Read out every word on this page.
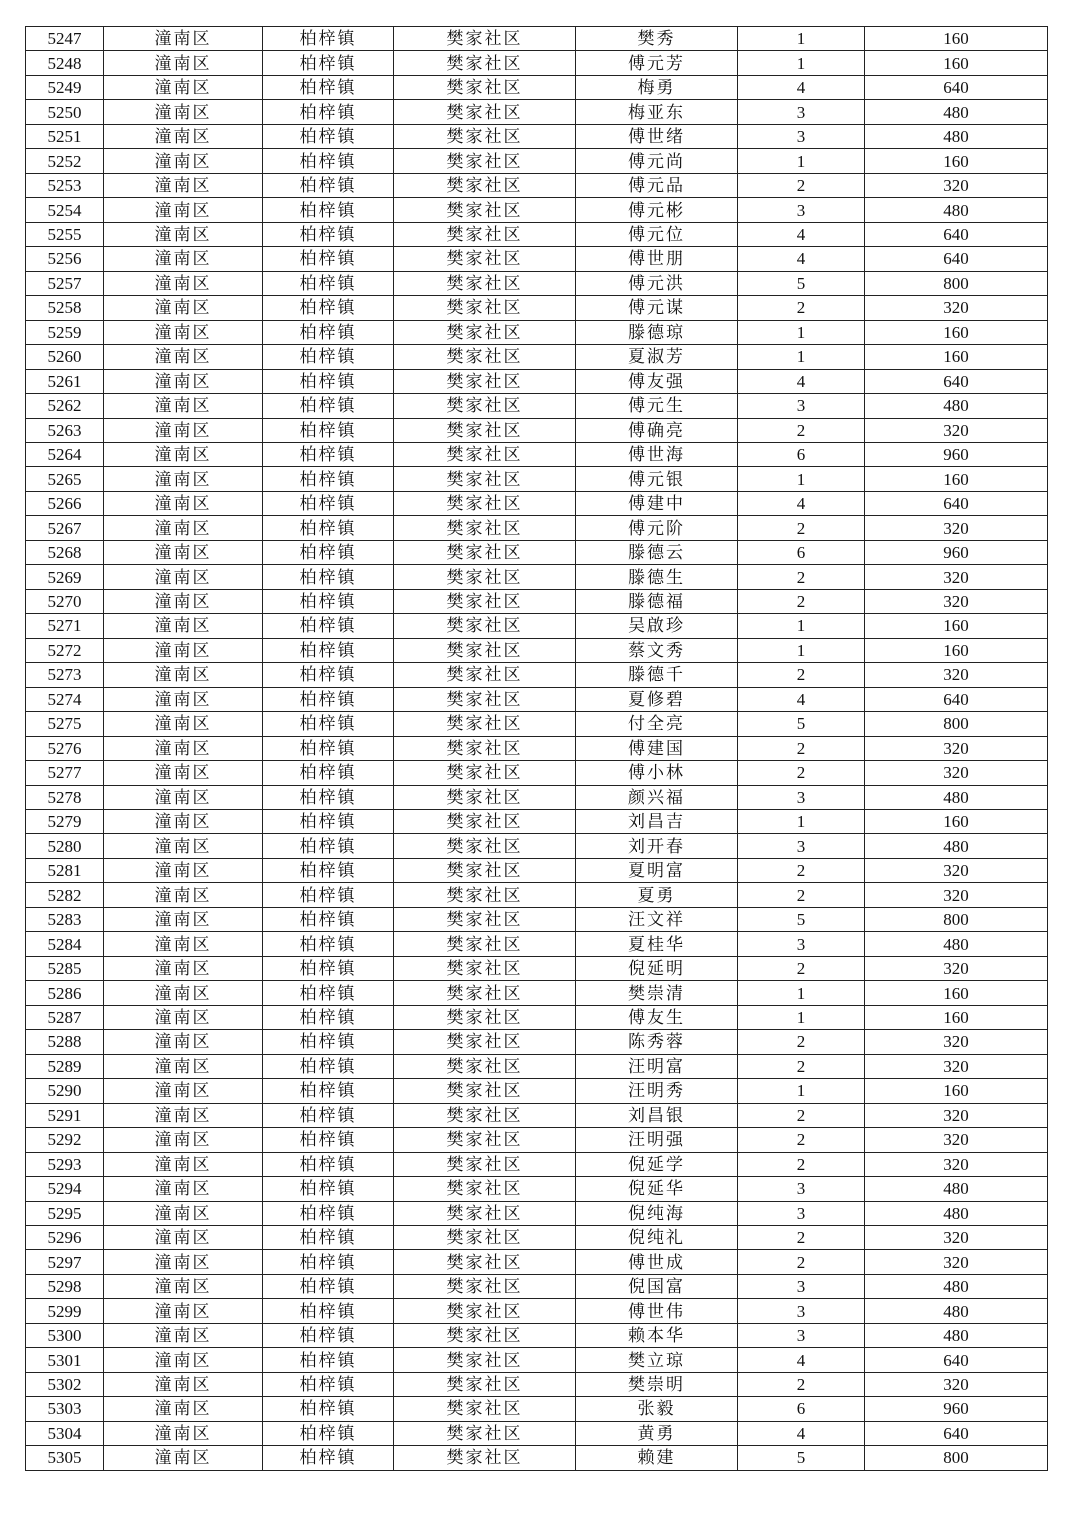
5247	潼南区	柏梓镇	樊家社区	樊秀	1	160
5248	潼南区	柏梓镇	樊家社区	傅元芳	1	160
5249	潼南区	柏梓镇	樊家社区	梅勇	4	640
5250	潼南区	柏梓镇	樊家社区	梅亚东	3	480
5251	潼南区	柏梓镇	樊家社区	傅世绪	3	480
5252	潼南区	柏梓镇	樊家社区	傅元尚	1	160
5253	潼南区	柏梓镇	樊家社区	傅元品	2	320
5254	潼南区	柏梓镇	樊家社区	傅元彬	3	480
5255	潼南区	柏梓镇	樊家社区	傅元位	4	640
5256	潼南区	柏梓镇	樊家社区	傅世朋	4	640
5257	潼南区	柏梓镇	樊家社区	傅元洪	5	800
5258	潼南区	柏梓镇	樊家社区	傅元谋	2	320
5259	潼南区	柏梓镇	樊家社区	滕德琼	1	160
5260	潼南区	柏梓镇	樊家社区	夏淑芳	1	160
5261	潼南区	柏梓镇	樊家社区	傅友强	4	640
5262	潼南区	柏梓镇	樊家社区	傅元生	3	480
5263	潼南区	柏梓镇	樊家社区	傅确亮	2	320
5264	潼南区	柏梓镇	樊家社区	傅世海	6	960
5265	潼南区	柏梓镇	樊家社区	傅元银	1	160
5266	潼南区	柏梓镇	樊家社区	傅建中	4	640
5267	潼南区	柏梓镇	樊家社区	傅元阶	2	320
5268	潼南区	柏梓镇	樊家社区	滕德云	6	960
5269	潼南区	柏梓镇	樊家社区	滕德生	2	320
5270	潼南区	柏梓镇	樊家社区	滕德福	2	320
5271	潼南区	柏梓镇	樊家社区	吴啟珍	1	160
5272	潼南区	柏梓镇	樊家社区	蔡文秀	1	160
5273	潼南区	柏梓镇	樊家社区	滕德千	2	320
5274	潼南区	柏梓镇	樊家社区	夏修碧	4	640
5275	潼南区	柏梓镇	樊家社区	付全亮	5	800
5276	潼南区	柏梓镇	樊家社区	傅建国	2	320
5277	潼南区	柏梓镇	樊家社区	傅小林	2	320
5278	潼南区	柏梓镇	樊家社区	颜兴福	3	480
5279	潼南区	柏梓镇	樊家社区	刘昌吉	1	160
5280	潼南区	柏梓镇	樊家社区	刘开春	3	480
5281	潼南区	柏梓镇	樊家社区	夏明富	2	320
5282	潼南区	柏梓镇	樊家社区	夏勇	2	320
5283	潼南区	柏梓镇	樊家社区	汪文祥	5	800
5284	潼南区	柏梓镇	樊家社区	夏桂华	3	480
5285	潼南区	柏梓镇	樊家社区	倪延明	2	320
5286	潼南区	柏梓镇	樊家社区	樊崇清	1	160
5287	潼南区	柏梓镇	樊家社区	傅友生	1	160
5288	潼南区	柏梓镇	樊家社区	陈秀蓉	2	320
5289	潼南区	柏梓镇	樊家社区	汪明富	2	320
5290	潼南区	柏梓镇	樊家社区	汪明秀	1	160
5291	潼南区	柏梓镇	樊家社区	刘昌银	2	320
5292	潼南区	柏梓镇	樊家社区	汪明强	2	320
5293	潼南区	柏梓镇	樊家社区	倪延学	2	320
5294	潼南区	柏梓镇	樊家社区	倪延华	3	480
5295	潼南区	柏梓镇	樊家社区	倪纯海	3	480
5296	潼南区	柏梓镇	樊家社区	倪纯礼	2	320
5297	潼南区	柏梓镇	樊家社区	傅世成	2	320
5298	潼南区	柏梓镇	樊家社区	倪国富	3	480
5299	潼南区	柏梓镇	樊家社区	傅世伟	3	480
5300	潼南区	柏梓镇	樊家社区	赖本华	3	480
5301	潼南区	柏梓镇	樊家社区	樊立琼	4	640
5302	潼南区	柏梓镇	樊家社区	樊崇明	2	320
5303	潼南区	柏梓镇	樊家社区	张毅	6	960
5304	潼南区	柏梓镇	樊家社区	黄勇	4	640
5305	潼南区	柏梓镇	樊家社区	赖建	5	800
